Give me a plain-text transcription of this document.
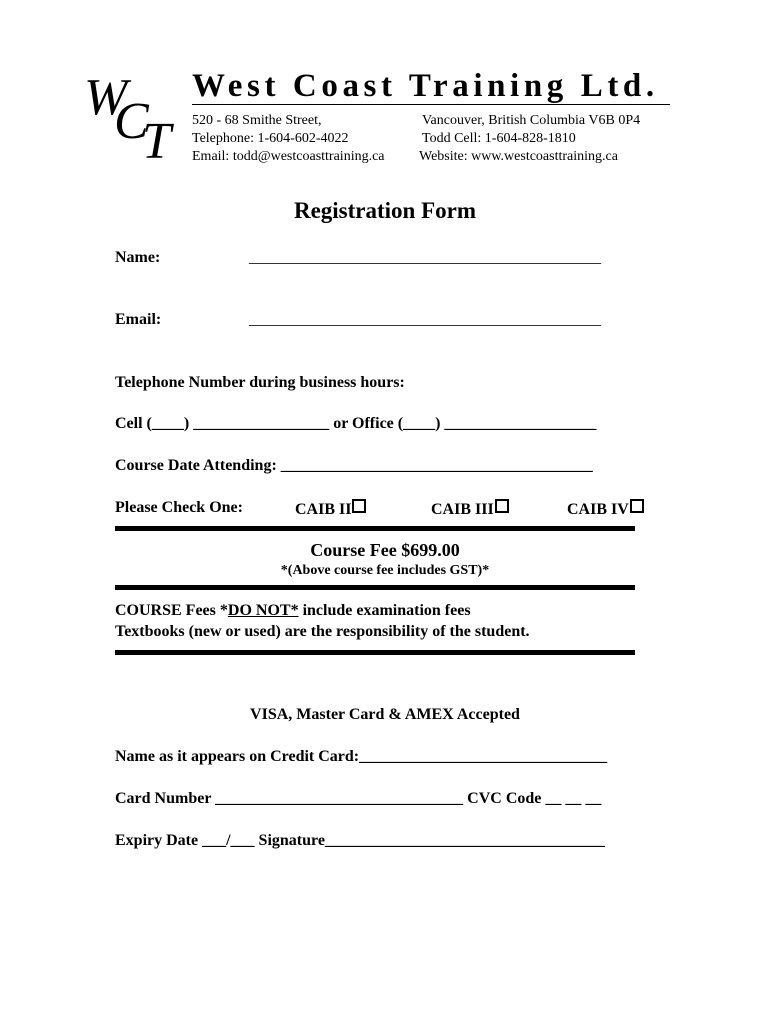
W
C
T
West Coast Training Ltd.
520 - 68 Smithe Street,	Vancouver, British Columbia V6B 0P4
Telephone: 1-604-602-4022	Todd Cell: 1-604-828-1810
Email: todd@westcoasttraining.ca Website: www.westcoasttraining.ca
Registration Form
Name:	____________________________________________
Email:	____________________________________________
Telephone Number during business hours:
Cell (____) _________________ or Office (____) ___________________
Course Date Attending: _______________________________________
Please Check One:	CAIB II	CAIB III	CAIB IV
Course Fee $699.00
*(Above course fee includes GST)*
COURSE Fees *DO NOT* include examination fees
Textbooks (new or used) are the responsibility of the student.
VISA, Master Card & AMEX Accepted
Name as it appears on Credit Card:_______________________________
Card Number _______________________________ CVC Code __ __ __
Expiry Date ___/___ Signature___________________________________
